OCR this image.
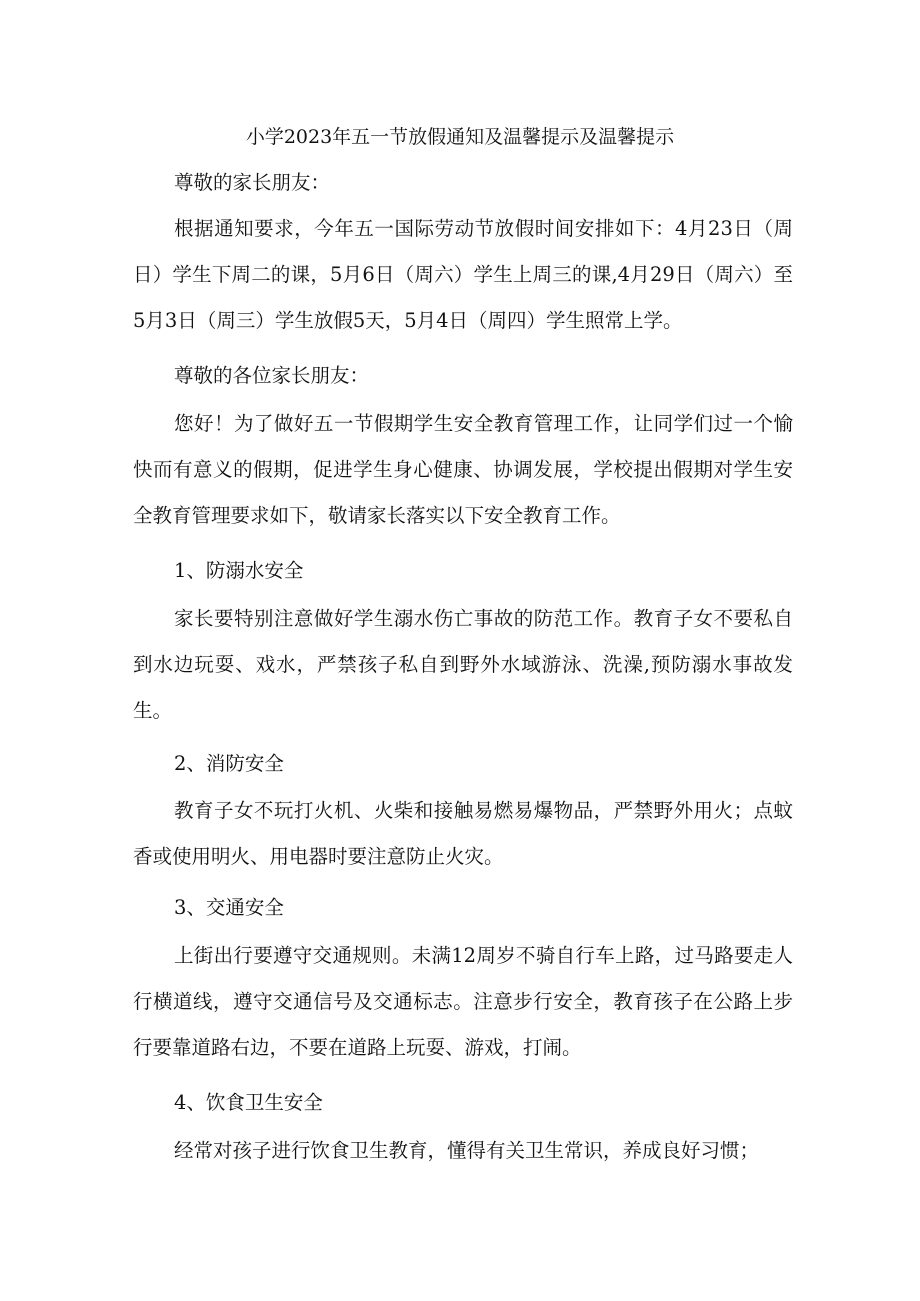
小学2023年五一节放假通知及温馨提示及温馨提示

尊敬的家长朋友：

根据通知要求，今年五一国际劳动节放假时间安排如下：4月23日（周日）学生下周二的课，5月6日（周六）学生上周三的课,4月29日（周六）至5月3日（周三）学生放假5天，5月4日（周四）学生照常上学。

尊敬的各位家长朋友：

您好！为了做好五一节假期学生安全教育管理工作，让同学们过一个愉快而有意义的假期，促进学生身心健康、协调发展，学校提出假期对学生安全教育管理要求如下，敬请家长落实以下安全教育工作。

1、防溺水安全

家长要特别注意做好学生溺水伤亡事故的防范工作。教育子女不要私自到水边玩耍、戏水，严禁孩子私自到野外水域游泳、洗澡,预防溺水事故发生。

2、消防安全

教育子女不玩打火机、火柴和接触易燃易爆物品，严禁野外用火；点蚊香或使用明火、用电器时要注意防止火灾。

3、交通安全

上街出行要遵守交通规则。未满12周岁不骑自行车上路，过马路要走人行横道线，遵守交通信号及交通标志。注意步行安全，教育孩子在公路上步行要靠道路右边，不要在道路上玩耍、游戏，打闹。

4、饮食卫生安全

经常对孩子进行饮食卫生教育，懂得有关卫生常识，养成良好习惯；
